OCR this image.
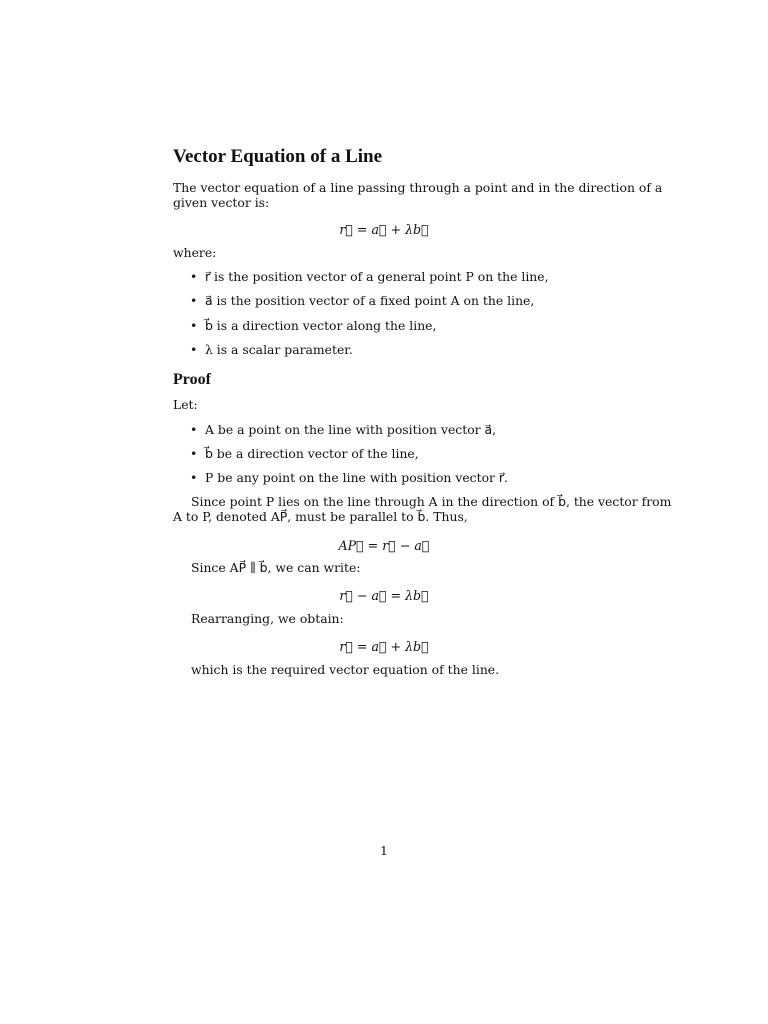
Vector Equation of a Line
The vector equation of a line passing through a point and in the direction of a
given vector is:
r⃗ = a⃗ + λb⃗
where:
• r⃗ is the position vector of a general point P on the line,
• a⃗ is the position vector of a fixed point A on the line,
• b⃗ is a direction vector along the line,
• λ is a scalar parameter.
Proof
Let:
• A be a point on the line with position vector a⃗,
• b⃗ be a direction vector of the line,
• P be any point on the line with position vector r⃗.
Since point P lies on the line through A in the direction of b⃗, the vector from
A to P, denoted AP⃗, must be parallel to b⃗. Thus,
AP⃗ = r⃗ − a⃗
Since AP⃗ ∥ b⃗, we can write:
r⃗ − a⃗ = λb⃗
Rearranging, we obtain:
r⃗ = a⃗ + λb⃗
which is the required vector equation of the line.
1
